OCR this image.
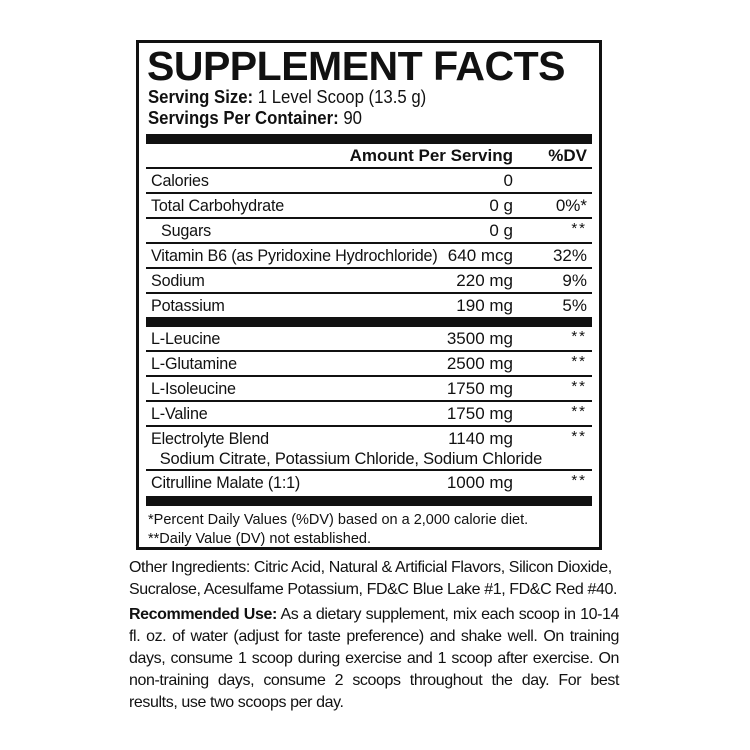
SUPPLEMENT FACTS
Serving Size: 1 Level Scoop (13.5 g)
Servings Per Container: 90
Amount Per Serving %DV
Calories	0
Total Carbohydrate	0 g	0%*
Sugars	0 g	**
Vitamin B6 (as Pyridoxine Hydrochloride) 640 mcg 32%
Sodium	220 mg	9%
Potassium	190 mg	5%
L-Leucine	3500 mg	**
L-Glutamine	2500 mg	**
L-Isoleucine	1750 mg	**
L-Valine	1750 mg	**
Electrolyte Blend	1140 mg	**
Sodium Citrate, Potassium Chloride, Sodium Chloride
Citrulline Malate (1:1)	1000 mg	**
*Percent Daily Values (%DV) based on a 2,000 calorie diet.
**Daily Value (DV) not established.
Other Ingredients: Citric Acid, Natural & Artificial Flavors, Silicon Dioxide, Sucralose, Acesulfame Potassium, FD&C Blue Lake #1, FD&C Red #40.
Recommended Use: As a dietary supplement, mix each scoop in 10-14 fl. oz. of water (adjust for taste preference) and shake well. On training days, consume 1 scoop during exercise and 1 scoop after exercise. On non-training days, consume 2 scoops throughout the day. For best results, use two scoops per day.
